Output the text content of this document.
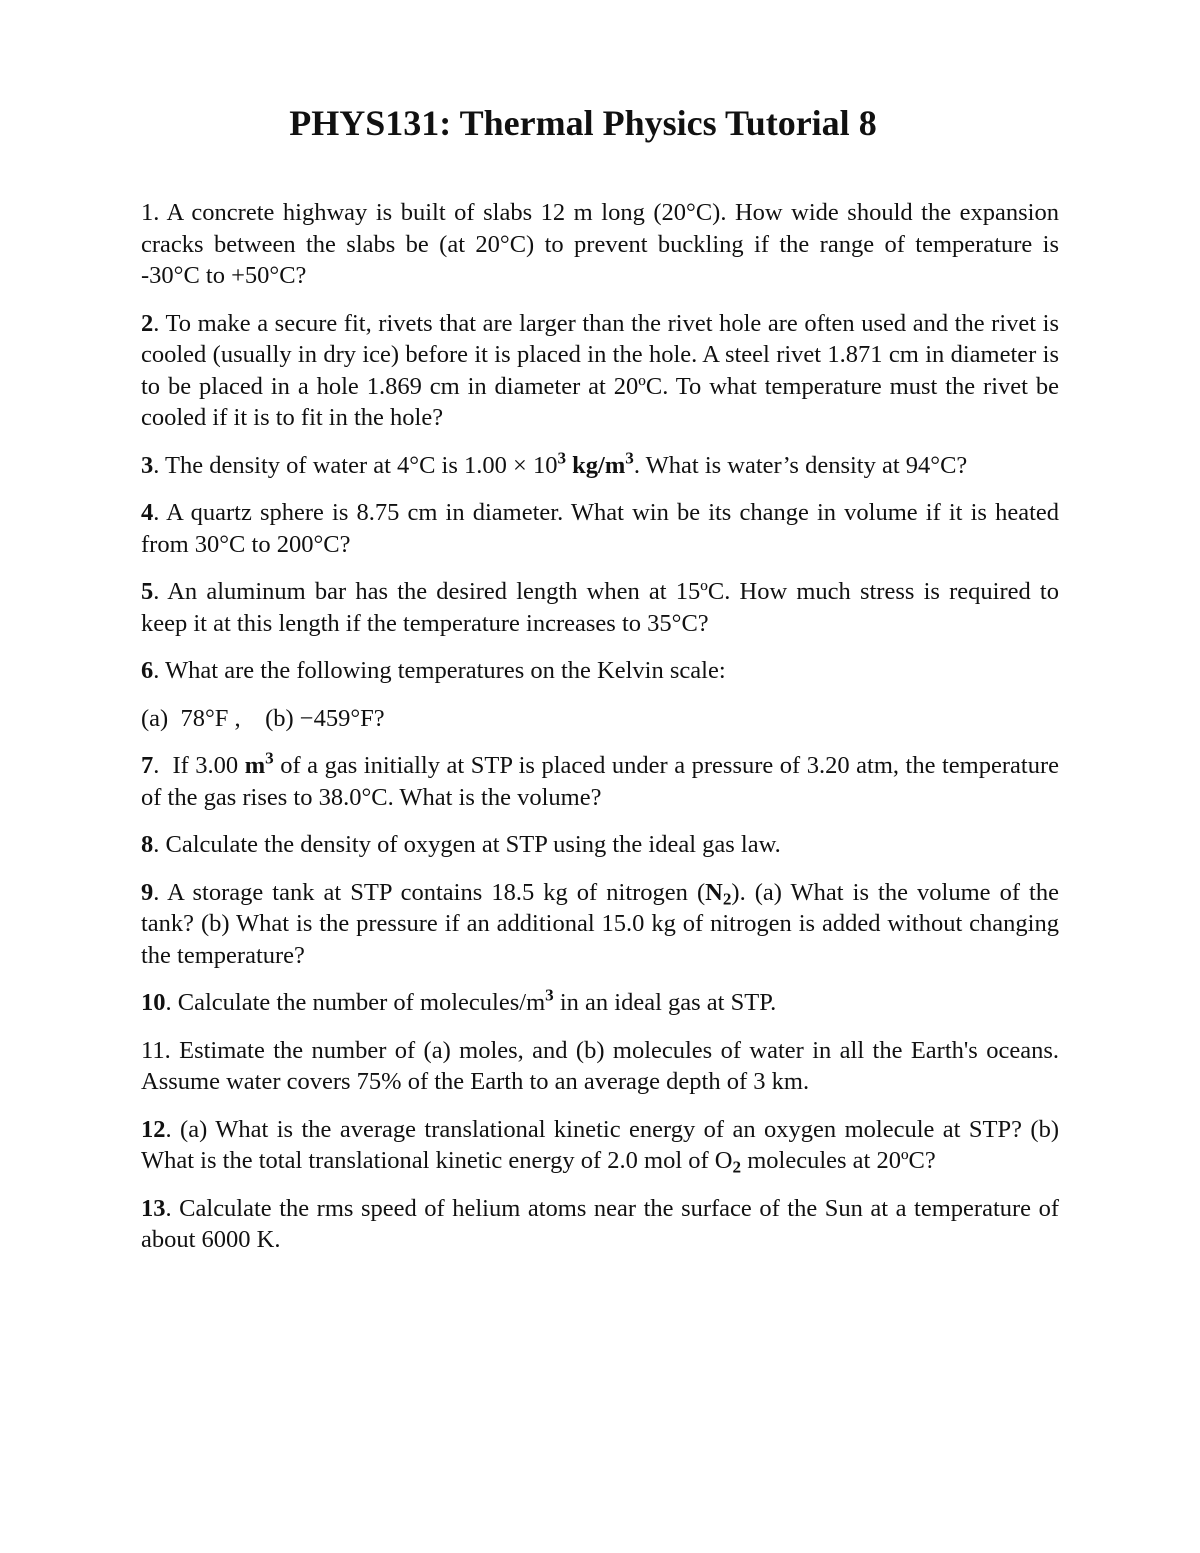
PHYS131: Thermal Physics Tutorial 8

1. A concrete highway is built of slabs 12 m long (20°C). How wide should the expansion cracks between the slabs be (at 20°C) to prevent buckling if the range of temperature is -30°C to +50°C?

2. To make a secure fit, rivets that are larger than the rivet hole are often used and the rivet is cooled (usually in dry ice) before it is placed in the hole. A steel rivet 1.871 cm in diameter is to be placed in a hole 1.869 cm in diameter at 20ºC. To what temperature must the rivet be cooled if it is to fit in the hole?

3. The density of water at 4°C is $1.00 \times 10^3$ $kg/m^3$. What is water’s density at 94°C?

4. A quartz sphere is 8.75 cm in diameter. What win be its change in volume if it is heated from 30°C to 200°C?

5. An aluminum bar has the desired length when at 15ºC. How much stress is required to keep it at this length if the temperature increases to 35°C?

6. What are the following temperatures on the Kelvin scale:

(a)  78°F ,    (b) −459°F?

7.  If 3.00 $m^3$ of a gas initially at STP is placed under a pressure of 3.20 atm, the temperature of the gas rises to 38.0°C. What is the volume?

8. Calculate the density of oxygen at STP using the ideal gas law.

9. A storage tank at STP contains 18.5 kg of nitrogen $(N_2)$. (a) What is the volume of the tank? (b) What is the pressure if an additional 15.0 kg of nitrogen is added without changing the temperature?

10. Calculate the number of molecules/$m^3$ in an ideal gas at STP.

11. Estimate the number of (a) moles, and (b) molecules of water in all the Earth's oceans. Assume water covers 75% of the Earth to an average depth of 3 km.

12. (a) What is the average translational kinetic energy of an oxygen molecule at STP? (b) What is the total translational kinetic energy of 2.0 mol of $O_2$ molecules at 20ºC?

13. Calculate the rms speed of helium atoms near the surface of the Sun at a temperature of about 6000 K.
